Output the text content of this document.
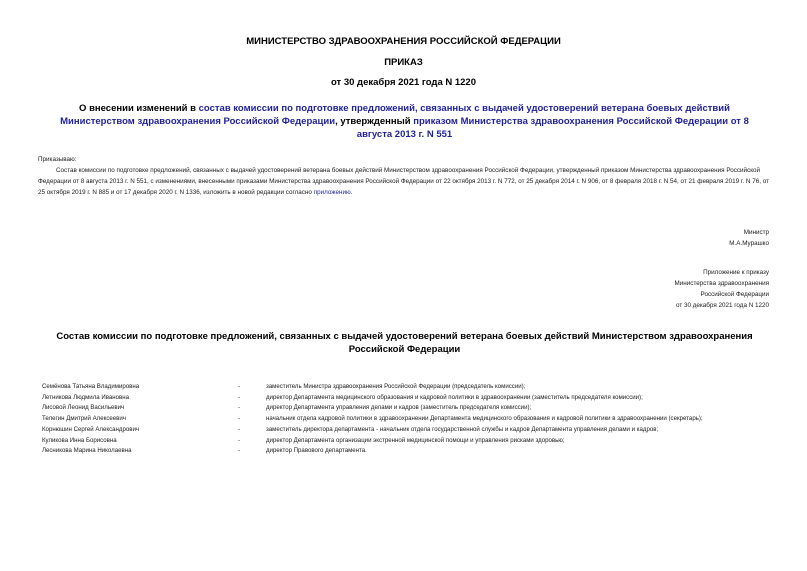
МИНИСТЕРСТВО ЗДРАВООХРАНЕНИЯ РОССИЙСКОЙ ФЕДЕРАЦИИ
ПРИКАЗ
от 30 декабря 2021 года N 1220
О внесении изменений в состав комиссии по подготовке предложений, связанных с выдачей удостоверений ветерана боевых действий Министерством здравоохранения Российской Федерации, утвержденный приказом Министерства здравоохранения Российской Федерации от 8 августа 2013 г. N 551
Приказываю:
Состав комиссии по подготовке предложений, связанных с выдачей удостоверений ветерана боевых действий Министерством здравоохранения Российской Федерации, утвержденный приказом Министерства здравоохранения Российской Федерации от 8 августа 2013 г. N 551, с изменениями, внесенными приказами Министерства здравоохранения Российской Федерации от 22 октября 2013 г. N 772, от 25 декабря 2014 г. N 906, от 8 февраля 2018 г. N 54, от 21 февраля 2019 г. N 76, от 25 октября 2019 г. N 885 и от 17 декабря 2020 г. N 1336, изложить в новой редакции согласно приложению.
Министр
М.А.Мурашко
Приложение к приказу
Министерства здравоохранения
Российской Федерации
от 30 декабря 2021 года N 1220
Состав комиссии по подготовке предложений, связанных с выдачей удостоверений ветерана боевых действий Министерством здравоохранения Российской Федерации
Семёнова Татьяна Владимировна	-	заместитель Министра здравоохранения Российской Федерации (председатель комиссии);
Летникова Людмила Ивановна	-	директор Департамента медицинского образования и кадровой политики в здравоохранении (заместитель председателя комиссии);
Лисовой Леонид Васильевич	-	директор Департамента управления делами и кадров (заместитель председателя комиссии);
Телегин Дмитрий Алексеевич	-	начальник отдела кадровой политики в здравоохранении Департамента медицинского образования и кадровой политики в здравоохранении (секретарь);
Корнюшин Сергей Александрович	-	заместитель директора департамента - начальник отдела государственной службы и кадров Департамента управления делами и кадров;
Куликова Инна Борисовна	-	директор Департамента организации экстренной медицинской помощи и управления рисками здоровью;
Лесникова Марина Николаевна	-	директор Правового департамента.
